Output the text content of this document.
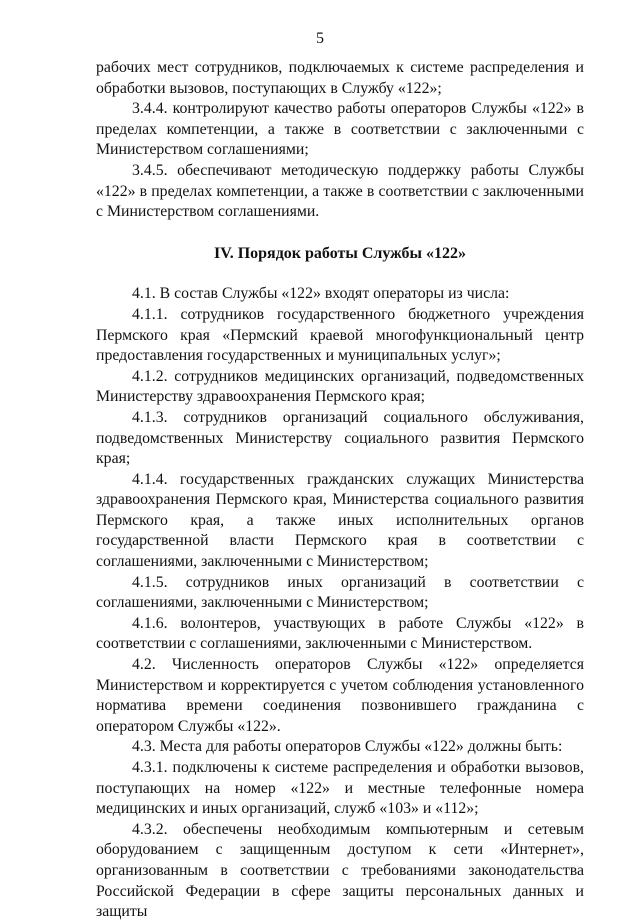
5

рабочих мест сотрудников, подключаемых к системе распределения и обработки вызовов, поступающих в Службу «122»;

3.4.4. контролируют качество работы операторов Службы «122» в пределах компетенции, а также в соответствии с заключенными с Министерством соглашениями;

3.4.5. обеспечивают методическую поддержку работы Службы «122» в пределах компетенции, а также в соответствии с заключенными с Министерством соглашениями.

IV. Порядок работы Службы «122»

4.1. В состав Службы «122» входят операторы из числа:

4.1.1. сотрудников государственного бюджетного учреждения Пермского края «Пермский краевой многофункциональный центр предоставления государственных и муниципальных услуг»;

4.1.2. сотрудников медицинских организаций, подведомственных Министерству здравоохранения Пермского края;

4.1.3. сотрудников организаций социального обслуживания, подведомственных Министерству социального развития Пермского края;

4.1.4. государственных гражданских служащих Министерства здравоохранения Пермского края, Министерства социального развития Пермского края, а также иных исполнительных органов государственной власти Пермского края в соответствии с соглашениями, заключенными с Министерством;

4.1.5. сотрудников иных организаций в соответствии с соглашениями, заключенными с Министерством;

4.1.6. волонтеров, участвующих в работе Службы «122» в соответствии с соглашениями, заключенными с Министерством.

4.2. Численность операторов Службы «122» определяется Министерством и корректируется с учетом соблюдения установленного норматива времени соединения позвонившего гражданина с оператором Службы «122».

4.3. Места для работы операторов Службы «122» должны быть:

4.3.1. подключены к системе распределения и обработки вызовов, поступающих на номер «122» и местные телефонные номера медицинских и иных организаций, служб «103» и «112»;

4.3.2. обеспечены необходимым компьютерным и сетевым оборудованием с защищенным доступом к сети «Интернет», организованным в соответствии с требованиями законодательства Российской Федерации в сфере защиты персональных данных и защиты
